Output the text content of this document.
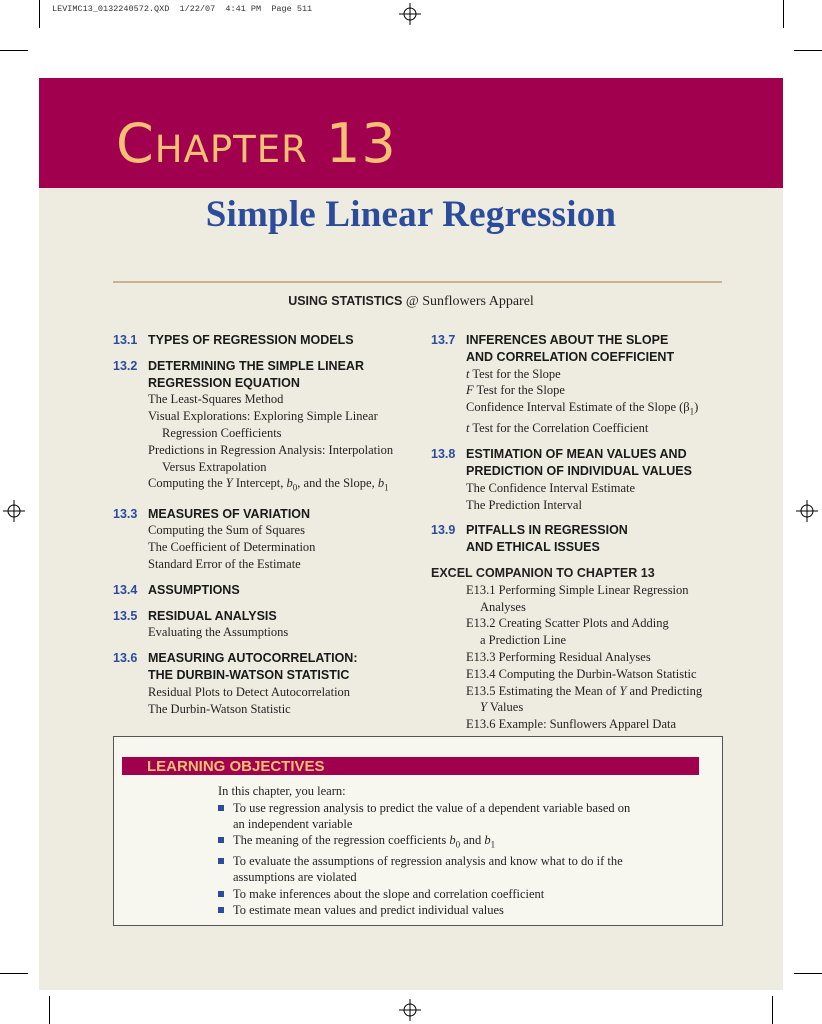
LEVIMC13_0132240572.QXD  1/22/07  4:41 PM  Page 511
CHAPTER 13
Simple Linear Regression
USING STATISTICS @ Sunflowers Apparel
13.1 TYPES OF REGRESSION MODELS
13.2 DETERMINING THE SIMPLE LINEAR
REGRESSION EQUATION
The Least-Squares Method
Visual Explorations: Exploring Simple Linear
Regression Coefficients
Predictions in Regression Analysis: Interpolation
Versus Extrapolation
Computing the Y Intercept, $b_0$, and the Slope, $b_1$
13.3 MEASURES OF VARIATION
Computing the Sum of Squares
The Coefficient of Determination
Standard Error of the Estimate
13.4 ASSUMPTIONS
13.5 RESIDUAL ANALYSIS
Evaluating the Assumptions
13.6 MEASURING AUTOCORRELATION:
THE DURBIN-WATSON STATISTIC
Residual Plots to Detect Autocorrelation
The Durbin-Watson Statistic
13.7 INFERENCES ABOUT THE SLOPE
AND CORRELATION COEFFICIENT
t Test for the Slope
F Test for the Slope
Confidence Interval Estimate of the Slope $(\beta_1)$
t Test for the Correlation Coefficient
13.8 ESTIMATION OF MEAN VALUES AND
PREDICTION OF INDIVIDUAL VALUES
The Confidence Interval Estimate
The Prediction Interval
13.9 PITFALLS IN REGRESSION
AND ETHICAL ISSUES
EXCEL COMPANION TO CHAPTER 13
E13.1 Performing Simple Linear Regression
Analyses
E13.2 Creating Scatter Plots and Adding
a Prediction Line
E13.3 Performing Residual Analyses
E13.4 Computing the Durbin-Watson Statistic
E13.5 Estimating the Mean of Y and Predicting
Y Values
E13.6 Example: Sunflowers Apparel Data
LEARNING OBJECTIVES
In this chapter, you learn:
To use regression analysis to predict the value of a dependent variable based on an independent variable
The meaning of the regression coefficients $b_0$ and $b_1$
To evaluate the assumptions of regression analysis and know what to do if the assumptions are violated
To make inferences about the slope and correlation coefficient
To estimate mean values and predict individual values
